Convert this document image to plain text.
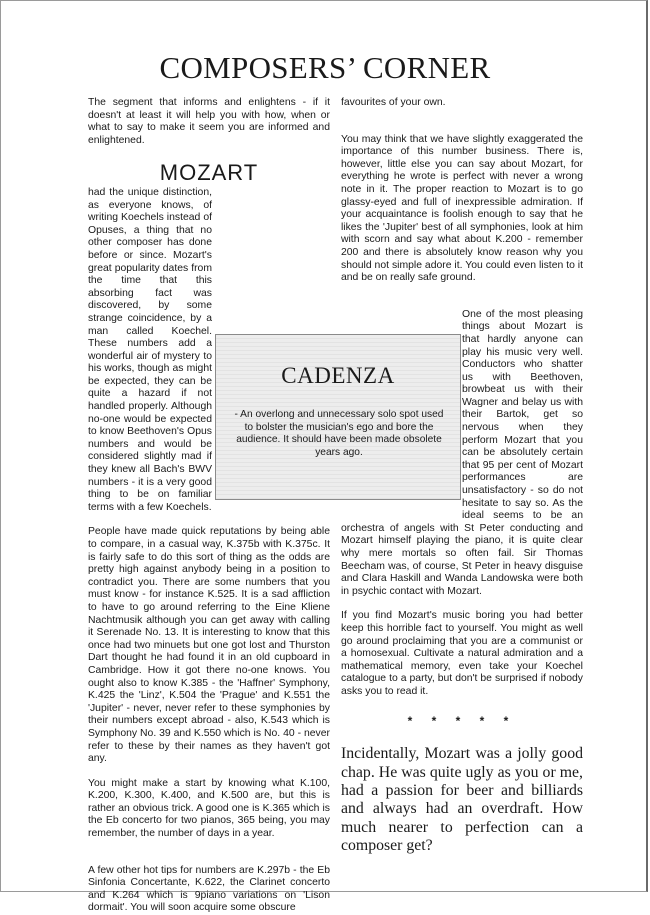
COMPOSERS’ CORNER

The segment that informs and enlightens - if it doesn't at least it will help you with how, when or what to say to make it seem you are informed and enlightened.

MOZART

had the unique distinction, as everyone knows, of writing Koechels instead of Opuses, a thing that no other composer has done before or since. Mozart's great popularity dates from the time that this absorbing fact was discovered, by some strange coincidence, by a man called Koechel. These numbers add a wonderful air of mystery to his works, though as might be expected, they can be quite a hazard if not handled properly. Although no-one would be expected to know Beethoven's Opus numbers and would be considered slightly mad if they knew all Bach's BWV numbers - it is a very good thing to be on familiar terms with a few Koechels.

People have made quick reputations by being able to compare, in a casual way, K.375b with K.375c. It is fairly safe to do this sort of thing as the odds are pretty high against anybody being in a position to contradict you. There are some numbers that you must know - for instance K.525. It is a sad affliction to have to go around referring to the Eine Kliene Nachtmusik although you can get away with calling it Serenade No. 13. It is interesting to know that this once had two minuets but one got lost and Thurston Dart thought he had found it in an old cupboard in Cambridge. How it got there no-one knows. You ought also to know K.385 - the 'Haffner' Symphony, K.425 the 'Linz', K.504 the 'Prague' and K.551 the 'Jupiter' - never, never refer to these symphonies by their numbers except abroad - also, K.543 which is Symphony No. 39 and K.550 which is No. 40 - never refer to these by their names as they haven't got any.

You might make a start by knowing what K.100, K.200, K.300, K.400, and K.500 are, but this is rather an obvious trick. A good one is K.365 which is the Eb concerto for two pianos, 365 being, you may remember, the number of days in a year.

A few other hot tips for numbers are K.297b - the Eb Sinfonia Concertante, K.622, the Clarinet concerto and K.264 which is 9piano variations on 'Lison dormait'. You will soon acquire some obscure

favourites of your own.

You may think that we have slightly exaggerated the importance of this number business. There is, however, little else you can say about Mozart, for everything he wrote is perfect with never a wrong note in it. The proper reaction to Mozart is to go glassy-eyed and full of inexpressible admiration. If your acquaintance is foolish enough to say that he likes the 'Jupiter' best of all symphonies, look at him with scorn and say what about K.200 - remember 200 and there is absolutely know reason why you should not simple adore it. You could even listen to it and be on really safe ground.

One of the most pleasing things about Mozart is that hardly anyone can play his music very well. Conductors who shatter us with Beethoven, browbeat us with their Wagner and belay us with their Bartok, get so nervous when they perform Mozart that you can be absolutely certain that 95 per cent of Mozart performances are unsatisfactory - so do not hesitate to say so. As the ideal seems to be an orchestra of angels with St Peter conducting and Mozart himself playing the piano, it is quite clear why mere mortals so often fail. Sir Thomas Beecham was, of course, St Peter in heavy disguise and Clara Haskill and Wanda Landowska were both in psychic contact with Mozart.

If you find Mozart's music boring you had better keep this horrible fact to yourself. You might as well go around proclaiming that you are a communist or a homosexual. Cultivate a natural admiration and a mathematical memory, even take your Koechel catalogue to a party, but don't be surprised if nobody asks you to read it.

* * * * *

Incidentally, Mozart was a jolly good chap. He was quite ugly as you or me, had a passion for beer and billiards and always had an overdraft. How much nearer to perfection can a composer get?

CADENZA
- An overlong and unnecessary solo spot used to bolster the musician's ego and bore the audience. It should have been made obsolete years ago.
